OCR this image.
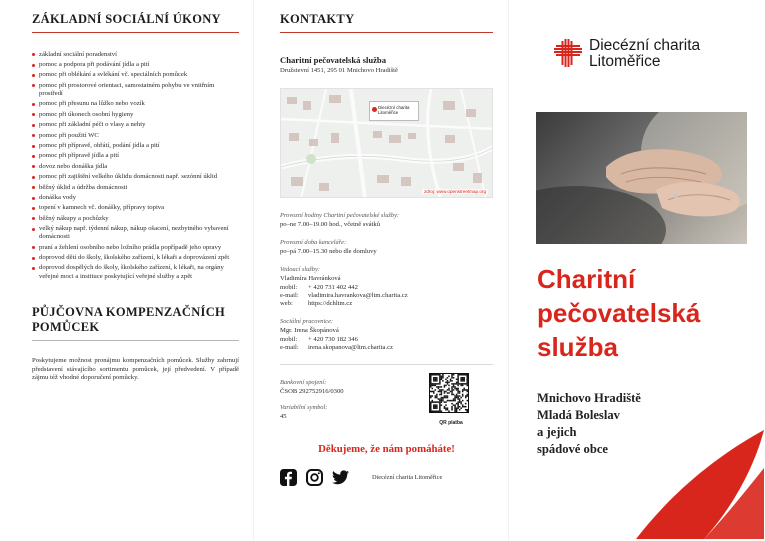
ZÁKLADNÍ SOCIÁLNÍ ÚKONY
základní sociální poradenství
pomoc a podpora při podávání jídla a pití
pomoc při oblékání a svlékání vč. speciálních pomůcek
pomoc při prostorové orientaci, samostatném pohybu ve vnitřním prostředí
pomoc při přesunu na lůžko nebo vozík
pomoc při úkonech osobní hygieny
pomoc při základní péči o vlasy a nehty
pomoc při použití WC
pomoc při přípravě, ohřátí, podání jídla a pití
pomoc při přípravě jídla a pití
dovoz nebo donáška jídla
pomoc při zajištění velkého úklidu domácnosti např. sezónní úklid
běžný úklid a údržba domácnosti
donáška vody
topení v kamnech vč. donášky, přípravy topiva
běžný nákupy a pochůzky
velký nákup např. týdenní nákup, nákup ošacení, nezbytného vybavení domácnosti
praní a žehlení osobního nebo ložního prádla popřípadě jeho opravy
doprovod dětí do školy, školského zařízení, k lékaři a doprovázení zpět
doprovod dospělých do školy, školského zařízení, k lékaři, na orgány veřejné moci a instituce poskytující veřejné služby a zpět
PŮJČOVNA KOMPENZAČNÍCH POMŮCEK

Poskytujeme možnost pronájmu kompenzačních pomůcek. Služby zahrnují představení stávajícího sortimentu pomůcek, její předvedení. V případě zájmu též vhodné doporučení pomůcky.

KONTAKTY
Charitní pečovatelská služba
Družstevní 1451, 295 01 Mnichovo Hradiště
Diecézní charita Litoměřice
zdroj: www.openstreetmap.org
Provozní hodiny Charitní pečovatelské služby:
po–ne 7.00–19.00 hod., včetně svátků
Provozní doba kanceláře:
po–pá 7.00–15.30 nebo dle domluvy
Vedoucí služby:
Vladimíra Havránková
mobil:	+ 420 731 402 442
e-mail:	vladimira.havrankova@ltm.charita.cz
web:	https://dchltm.cz
Sociální pracovnice:
Mgr. Irena Škopánová
mobil:	+ 420 730 182 346
e-mail:	irena.skopanova@ltm.charita.cz
Bankovní spojení:
ČSOB 292752916/0300
Variabilní symbol:
45
QR platba
Děkujeme, že nám pomáháte!
Diecézní charita Litoměřice
Diecézní charita
Litoměřice
Charitní
pečovatelská
služba
Mnichovo Hradiště
Mladá Boleslav
a jejich
spádové obce
